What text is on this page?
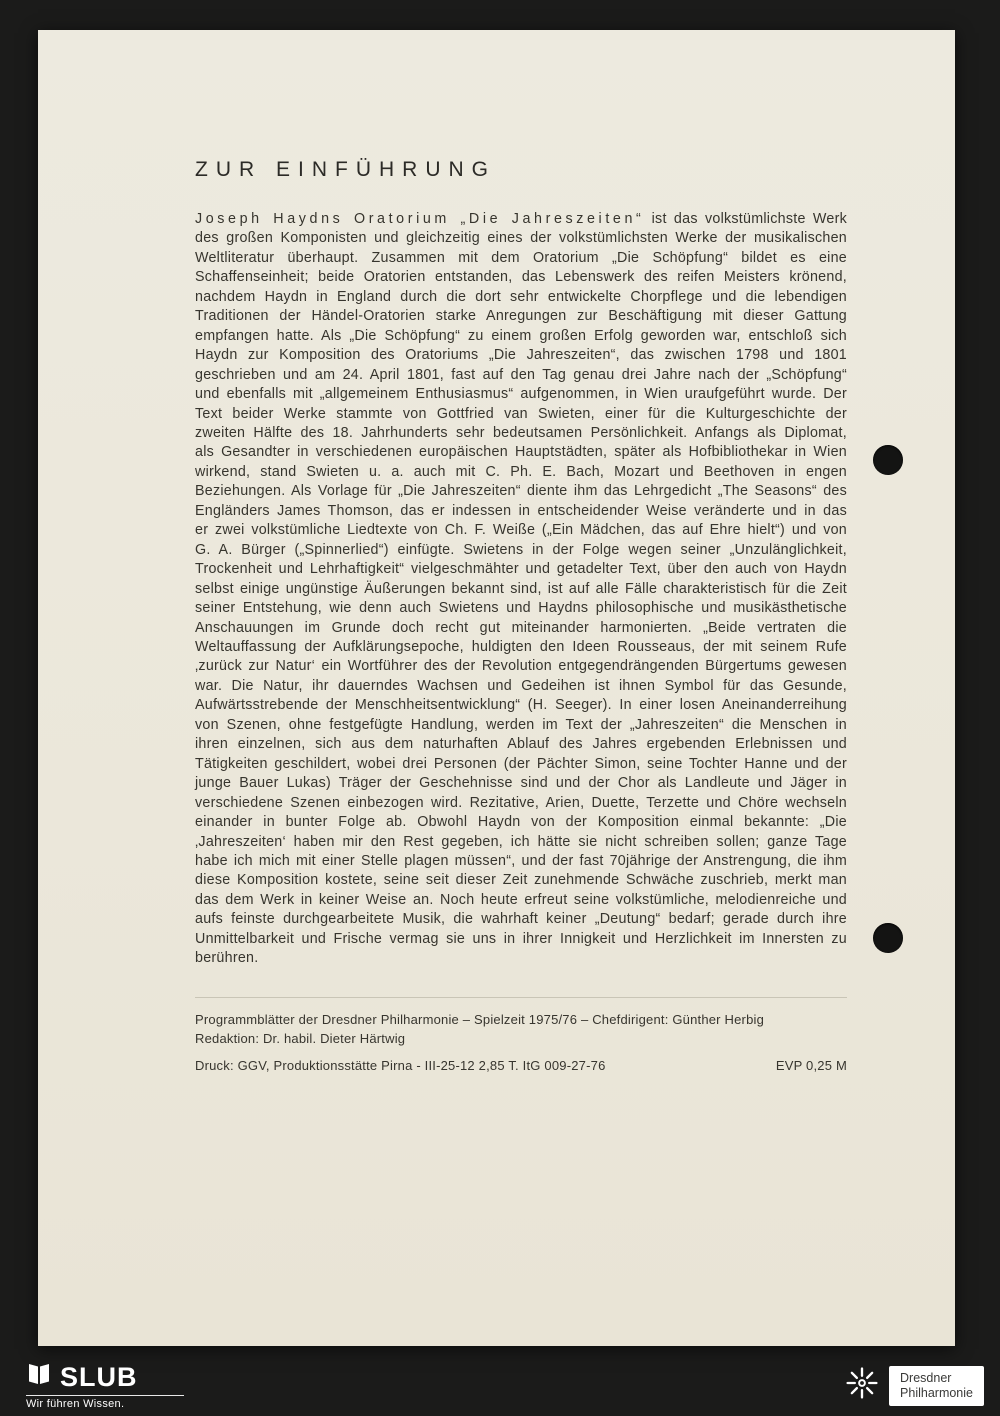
ZUR EINFÜHRUNG

Joseph Haydns Oratorium „Die Jahreszeiten“ ist das volkstümlichste Werk des großen Komponisten und gleichzeitig eines der volkstümlichsten Werke der musikalischen Weltliteratur überhaupt. Zusammen mit dem Oratorium „Die Schöpfung“ bildet es eine Schaffenseinheit; beide Oratorien entstanden, das Lebenswerk des reifen Meisters krönend, nachdem Haydn in England durch die dort sehr entwickelte Chorpflege und die lebendigen Traditionen der Händel-Oratorien starke Anregungen zur Beschäftigung mit dieser Gattung empfangen hatte. Als „Die Schöpfung“ zu einem großen Erfolg geworden war, entschloß sich Haydn zur Komposition des Oratoriums „Die Jahreszeiten“, das zwischen 1798 und 1801 geschrieben und am 24. April 1801, fast auf den Tag genau drei Jahre nach der „Schöpfung“ und ebenfalls mit „allgemeinem Enthusiasmus“ aufgenommen, in Wien uraufgeführt wurde. Der Text beider Werke stammte von Gottfried van Swieten, einer für die Kulturgeschichte der zweiten Hälfte des 18. Jahrhunderts sehr bedeutsamen Persönlichkeit. Anfangs als Diplomat, als Gesandter in verschiedenen europäischen Hauptstädten, später als Hofbibliothekar in Wien wirkend, stand Swieten u. a. auch mit C. Ph. E. Bach, Mozart und Beethoven in engen Beziehungen. Als Vorlage für „Die Jahreszeiten“ diente ihm das Lehrgedicht „The Seasons“ des Engländers James Thomson, das er indessen in entscheidender Weise veränderte und in das er zwei volkstümliche Liedtexte von Ch. F. Weiße („Ein Mädchen, das auf Ehre hielt“) und von G. A. Bürger („Spinnerlied“) einfügte. Swietens in der Folge wegen seiner „Unzulänglichkeit, Trockenheit und Lehrhaftigkeit“ vielgeschmähter und getadelter Text, über den auch von Haydn selbst einige ungünstige Äußerungen bekannt sind, ist auf alle Fälle charakteristisch für die Zeit seiner Entstehung, wie denn auch Swietens und Haydns philosophische und musikästhetische Anschauungen im Grunde doch recht gut miteinander harmonierten. „Beide vertraten die Weltauffassung der Aufklärungsepoche, huldigten den Ideen Rousseaus, der mit seinem Rufe ‚zurück zur Natur‘ ein Wortführer des der Revolution entgegendrängenden Bürgertums gewesen war. Die Natur, ihr dauerndes Wachsen und Gedeihen ist ihnen Symbol für das Gesunde, Aufwärtsstrebende der Menschheitsentwicklung“ (H. Seeger). In einer losen Aneinanderreihung von Szenen, ohne festgefügte Handlung, werden im Text der „Jahreszeiten“ die Menschen in ihren einzelnen, sich aus dem naturhaften Ablauf des Jahres ergebenden Erlebnissen und Tätigkeiten geschildert, wobei drei Personen (der Pächter Simon, seine Tochter Hanne und der junge Bauer Lukas) Träger der Geschehnisse sind und der Chor als Landleute und Jäger in verschiedene Szenen einbezogen wird. Rezitative, Arien, Duette, Terzette und Chöre wechseln einander in bunter Folge ab. Obwohl Haydn von der Komposition einmal bekannte: „Die ‚Jahreszeiten‘ haben mir den Rest gegeben, ich hätte sie nicht schreiben sollen; ganze Tage habe ich mich mit einer Stelle plagen müssen“, und der fast 70jährige der Anstrengung, die ihm diese Komposition kostete, seine seit dieser Zeit zunehmende Schwäche zuschrieb, merkt man das dem Werk in keiner Weise an. Noch heute erfreut seine volkstümliche, melodienreiche und aufs feinste durchgearbeitete Musik, die wahrhaft keiner „Deutung“ bedarf; gerade durch ihre Unmittelbarkeit und Frische vermag sie uns in ihrer Innigkeit und Herzlichkeit im Innersten zu berühren.

Programmblätter der Dresdner Philharmonie – Spielzeit 1975/76 – Chefdirigent: Günther Herbig
Redaktion: Dr. habil. Dieter Härtwig
Druck: GGV, Produktionsstätte Pirna - III-25-12 2,85 T. ItG 009-27-76	EVP 0,25 M
SLUB
Wir führen Wissen.
Dresdner
Philharmonie
